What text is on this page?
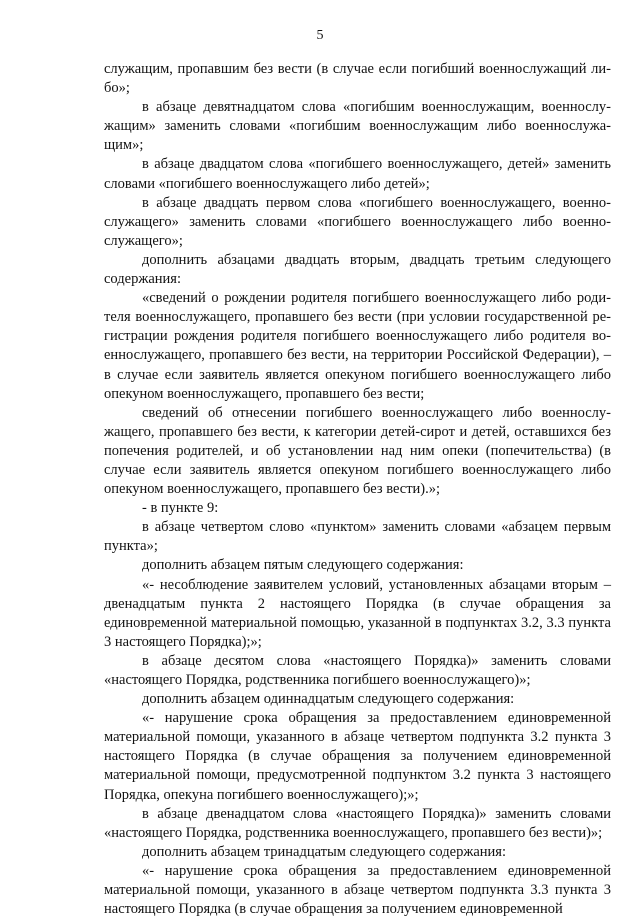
5

служащим, пропавшим без вести (в случае если погибший военнослужащий либо»;

в абзаце девятнадцатом слова «погибшим военнослужащим, военнослужащим» заменить словами «погибшим военнослужащим либо военнослужащим»;

в абзаце двадцатом слова «погибшего военнослужащего, детей» заменить словами «погибшего военнослужащего либо детей»;

в абзаце двадцать первом слова «погибшего военнослужащего, военнослужащего» заменить словами «погибшего военнослужащего либо военнослужащего»;

дополнить абзацами двадцать вторым, двадцать третьим следующего содержания:

«сведений о рождении родителя погибшего военнослужащего либо родителя военнослужащего, пропавшего без вести (при условии государственной регистрации рождения родителя погибшего военнослужащего либо родителя военнослужащего, пропавшего без вести, на территории Российской Федерации), – в случае если заявитель является опекуном погибшего военнослужащего либо опекуном военнослужащего, пропавшего без вести;

сведений об отнесении погибшего военнослужащего либо военнослужащего, пропавшего без вести, к категории детей-сирот и детей, оставшихся без попечения родителей, и об установлении над ним опеки (попечительства) (в случае если заявитель является опекуном погибшего военнослужащего либо опекуном военнослужащего, пропавшего без вести).»;

- в пункте 9:

в абзаце четвертом слово «пунктом» заменить словами «абзацем первым пункта»;

дополнить абзацем пятым следующего содержания:

«- несоблюдение заявителем условий, установленных абзацами вторым – двенадцатым пункта 2 настоящего Порядка (в случае обращения за единовременной материальной помощью, указанной в подпунктах 3.2, 3.3 пункта 3 настоящего Порядка);»;

в абзаце десятом слова «настоящего Порядка)» заменить словами «настоящего Порядка, родственника погибшего военнослужащего)»;

дополнить абзацем одиннадцатым следующего содержания:

«- нарушение срока обращения за предоставлением единовременной материальной помощи, указанного в абзаце четвертом подпункта 3.2 пункта 3 настоящего Порядка (в случае обращения за получением единовременной материальной помощи, предусмотренной подпунктом 3.2 пункта 3 настоящего Порядка, опекуна погибшего военнослужащего);»;

в абзаце двенадцатом слова «настоящего Порядка)» заменить словами «настоящего Порядка, родственника военнослужащего, пропавшего без вести)»;

дополнить абзацем тринадцатым следующего содержания:

«- нарушение срока обращения за предоставлением единовременной материальной помощи, указанного в абзаце четвертом подпункта 3.3 пункта 3 настоящего Порядка (в случае обращения за получением единовременной
